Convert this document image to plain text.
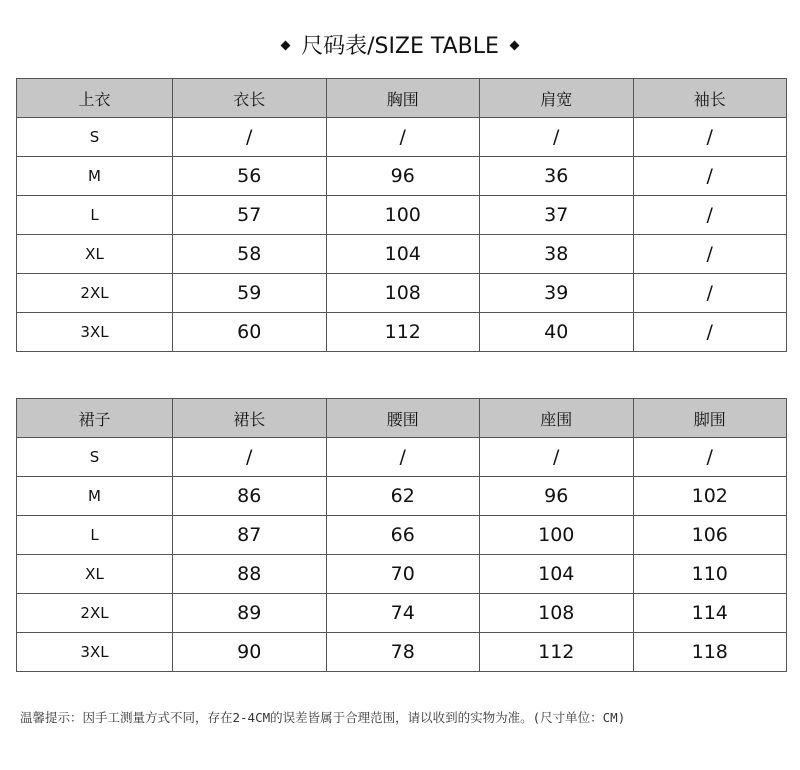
尺码表/SIZE TABLE
上衣	衣长	胸围	肩宽	袖长
S	/	/	/	/
M	56	96	36	/
L	57	100	37	/
XL	58	104	38	/
2XL	59	108	39	/
3XL	60	112	40	/
裙子	裙长	腰围	座围	脚围
S	/	/	/	/
M	86	62	96	102
L	87	66	100	106
XL	88	70	104	110
2XL	89	74	108	114
3XL	90	78	112	118
温馨提示：因手工测量方式不同，存在2-4CM的误差皆属于合理范围，请以收到的实物为准。(尺寸单位：CM)
